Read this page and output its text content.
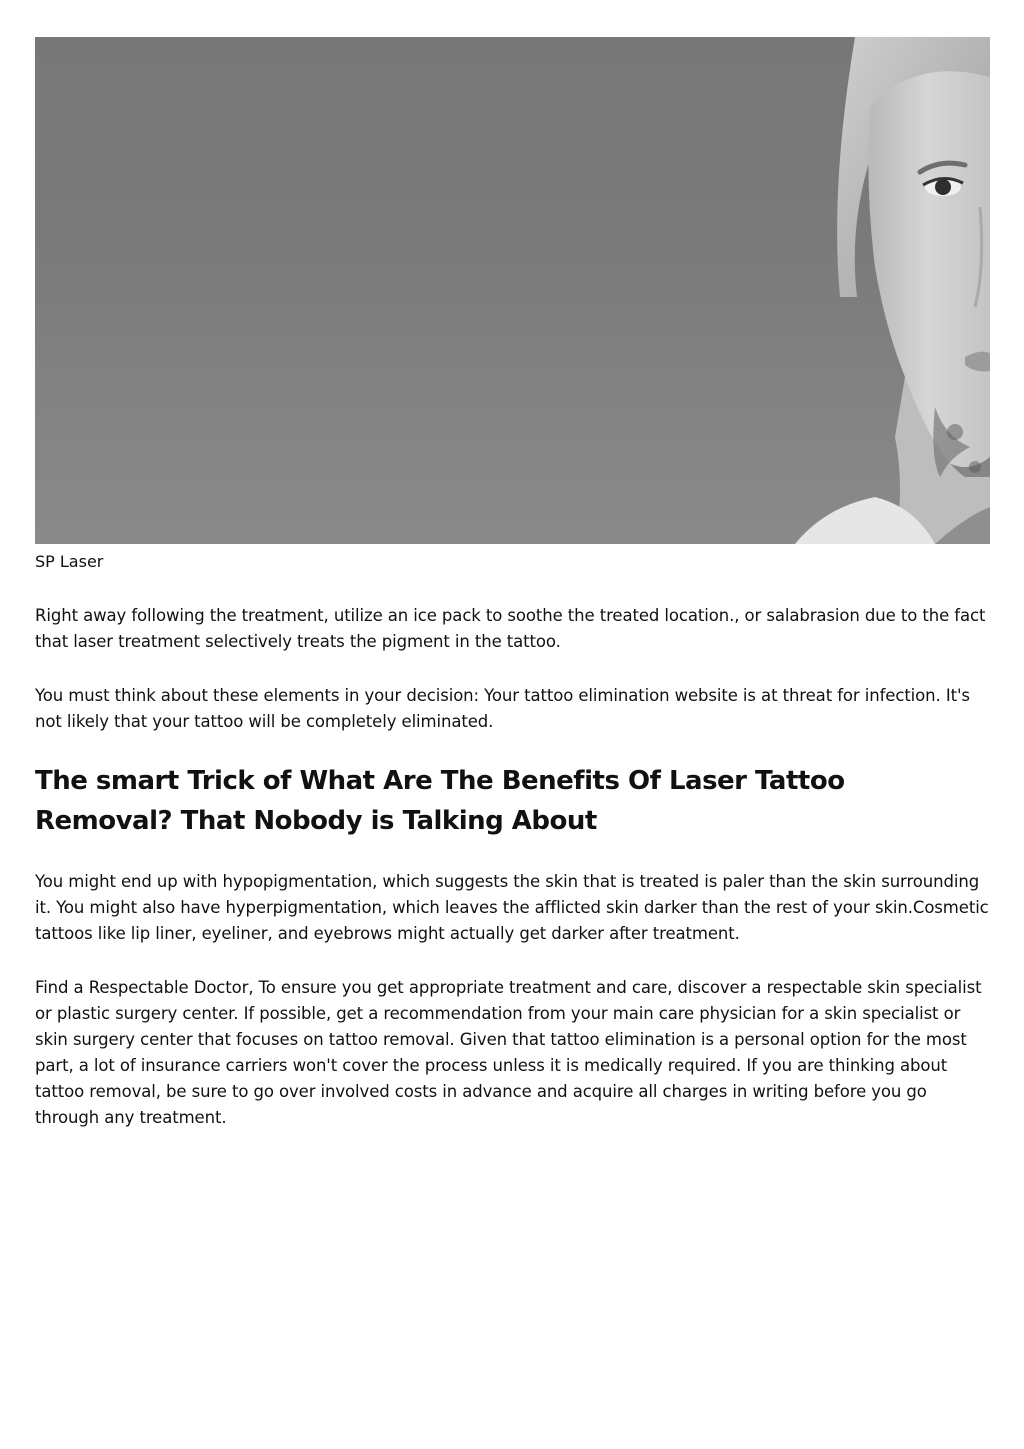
SP Laser

Right away following the treatment, utilize an ice pack to soothe the treated location., or salabrasion due to the fact that laser treatment selectively treats the pigment in the tattoo.

You must think about these elements in your decision: Your tattoo elimination website is at threat for infection. It's not likely that your tattoo will be completely eliminated.

The smart Trick of What Are The Benefits Of Laser Tattoo Removal? That Nobody is Talking About

You might end up with hypopigmentation, which suggests the skin that is treated is paler than the skin surrounding it. You might also have hyperpigmentation, which leaves the afflicted skin darker than the rest of your skin.Cosmetic tattoos like lip liner, eyeliner, and eyebrows might actually get darker after treatment.

Find a Respectable Doctor, To ensure you get appropriate treatment and care, discover a respectable skin specialist or plastic surgery center. If possible, get a recommendation from your main care physician for a skin specialist or skin surgery center that focuses on tattoo removal. Given that tattoo elimination is a personal option for the most part, a lot of insurance carriers won't cover the process unless it is medically required. If you are thinking about tattoo removal, be sure to go over involved costs in advance and acquire all charges in writing before you go through any treatment.
